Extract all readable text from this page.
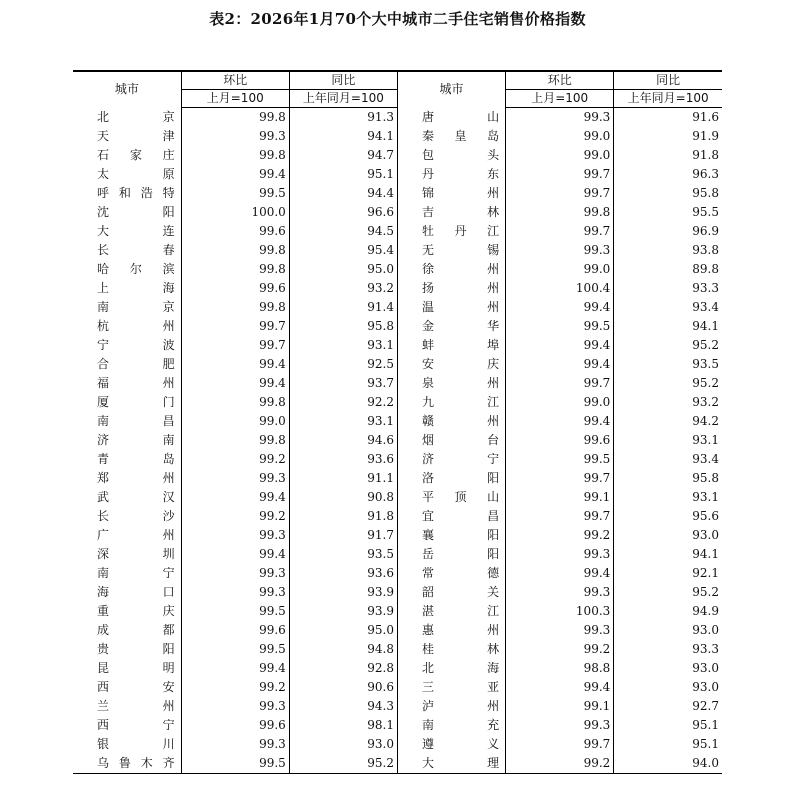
表2：2026年1月70个大中城市二手住宅销售价格指数
城市	环比	同比	城市	环比	同比
	上月=100	上年同月=100		上月=100	上年同月=100
北京	99.8	91.3	唐山	99.3	91.6
天津	99.3	94.1	秦皇岛	99.0	91.9
石家庄	99.8	94.7	包头	99.0	91.8
太原	99.4	95.1	丹东	99.7	96.3
呼和浩特	99.5	94.4	锦州	99.7	95.8
沈阳	100.0	96.6	吉林	99.8	95.5
大连	99.6	94.5	牡丹江	99.7	96.9
长春	99.8	95.4	无锡	99.3	93.8
哈尔滨	99.8	95.0	徐州	99.0	89.8
上海	99.6	93.2	扬州	100.4	93.3
南京	99.8	91.4	温州	99.4	93.4
杭州	99.7	95.8	金华	99.5	94.1
宁波	99.7	93.1	蚌埠	99.4	95.2
合肥	99.4	92.5	安庆	99.4	93.5
福州	99.4	93.7	泉州	99.7	95.2
厦门	99.8	92.2	九江	99.0	93.2
南昌	99.0	93.1	赣州	99.4	94.2
济南	99.8	94.6	烟台	99.6	93.1
青岛	99.2	93.6	济宁	99.5	93.4
郑州	99.3	91.1	洛阳	99.7	95.8
武汉	99.4	90.8	平顶山	99.1	93.1
长沙	99.2	91.8	宜昌	99.7	95.6
广州	99.3	91.7	襄阳	99.2	93.0
深圳	99.4	93.5	岳阳	99.3	94.1
南宁	99.3	93.6	常德	99.4	92.1
海口	99.3	93.9	韶关	99.3	95.2
重庆	99.5	93.9	湛江	100.3	94.9
成都	99.6	95.0	惠州	99.3	93.0
贵阳	99.5	94.8	桂林	99.2	93.3
昆明	99.4	92.8	北海	98.8	93.0
西安	99.2	90.6	三亚	99.4	93.0
兰州	99.3	94.3	泸州	99.1	92.7
西宁	99.6	98.1	南充	99.3	95.1
银川	99.3	93.0	遵义	99.7	95.1
乌鲁木齐	99.5	95.2	大理	99.2	94.0
